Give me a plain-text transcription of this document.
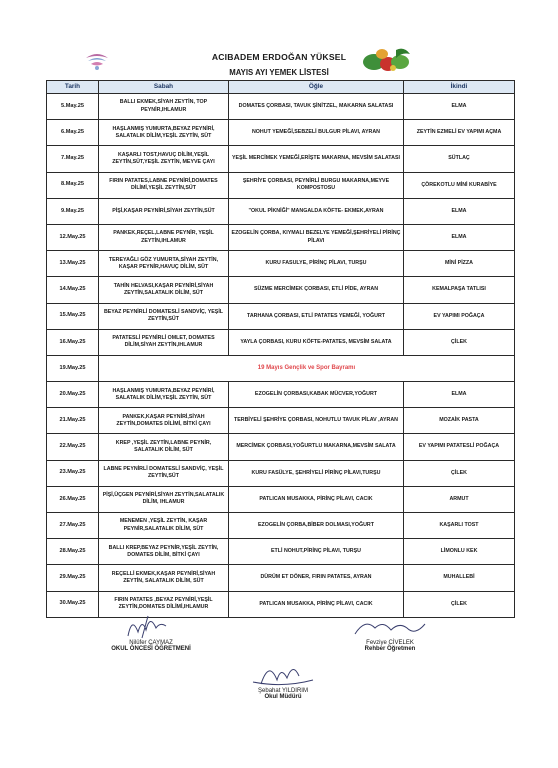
ACIBADEM ERDOĞAN YÜKSEL
MAYIS AYI YEMEK LİSTESİ
Tarih	Sabah	Öğle	İkindi
5.May.25	BALLI EKMEK,SİYAH ZEYTİN, TOP PEYNİR,IHLAMUR	DOMATES ÇORBASI, TAVUK ŞİNİTZEL, MAKARNA SALATASI	ELMA
6.May.25	HAŞLANMIŞ YUMURTA,BEYAZ PEYNİRİ, SALATALIK DİLİM,YEŞİL ZEYTİN, SÜT	NOHUT YEMEĞİ,SEBZELİ BULGUR PİLAVI, AYRAN	ZEYTİN EZMELİ EV YAPIMI AÇMA
7.May.25	KAŞARLI TOST,HAVUÇ DİLİM,YEŞİL ZEYTİN,SÜT,YEŞİL ZEYTİN, MEYVE ÇAYI	YEŞİL MERCİMEK YEMEĞİ,ERİŞTE MAKARNA, MEVSİM SALATASI	SÜTLAÇ
8.May.25	FIRIN PATATES,LABNE PEYNİRİ,DOMATES DİLİMİ,YEŞİL ZEYTİN,SÜT	ŞEHRİYE ÇORBASI, PEYNİRLİ BURGU MAKARNA,MEYVE KOMPOSTOSU	ÇÖREKOTLU MİNİ KURABİYE
9.May.25	PİŞİ,KAŞAR PEYNİRİ,SİYAH ZEYTİN,SÜT	"OKUL PİKNİĞİ" MANGALDA KÖFTE- EKMEK,AYRAN	ELMA
12.May.25	PANKEK,REÇEL,LABNE PEYNİR, YEŞİL ZEYTİN,IHLAMUR	EZOGELİN ÇORBA, KIYMALI BEZELYE YEMEĞİ,ŞEHRİYELİ PİRİNÇ PİLAVI	ELMA
13.May.25	TEREYAĞLI GÖZ YUMURTA,SİYAH ZEYTİN, KAŞAR PEYNİR,HAVUÇ DİLİM, SÜT	KURU FASULYE, PİRİNÇ PİLAVI, TURŞU	MİNİ PİZZA
14.May.25	TAHİN HELVASI,KAŞAR PEYNİRİ,SİYAH ZEYTİN,SALATALIK DİLİM, SÜT	SÜZME MERCİMEK ÇORBASI, ETLİ PİDE, AYRAN	KEMALPAŞA TATLISI
15.May.25	BEYAZ PEYNİRLİ DOMATESLİ SANDVİÇ, YEŞİL ZEYTİN,SÜT	TARHANA ÇORBASI, ETLİ PATATES YEMEĞİ, YOĞURT	EV YAPIMI POĞAÇA
16.May.25	PATATESLİ PEYNİRLİ OMLET, DOMATES DİLİM,SİYAH ZEYTİN,IHLAMUR	YAYLA ÇORBASI, KURU KÖFTE-PATATES, MEVSİM SALATA	ÇİLEK
19.May.25	19 Mayıs Gençlik ve Spor Bayramı		
20.May.25	HAŞLANMIŞ YUMURTA,BEYAZ PEYNİRİ, SALATALIK DİLİM,YEŞİL ZEYTİN, SÜT	EZOGELİN ÇORBASI,KABAK MÜCVER,YOĞURT	ELMA
21.May.25	PANKEK,KAŞAR PEYNİRİ,SİYAH ZEYTİN,DOMATES DİLİMİ, BİTKİ ÇAYI	TERBİYELİ ŞEHRİYE ÇORBASI, NOHUTLU TAVUK PİLAV ,AYRAN	MOZAİK PASTA
22.May.25	KREP ,YEŞİL ZEYTİN,LABNE PEYNİR, SALATALIK DİLİM, SÜT	MERCİMEK ÇORBASI,YOĞURTLU MAKARNA,MEVSİM SALATA	EV YAPIMI PATATESLİ POĞAÇA
23.May.25	LABNE PEYNİRLİ DOMATESLİ SANDVİÇ, YEŞİL ZEYTİN,SÜT	KURU FASÜLYE, ŞEHRİYELİ PİRİNÇ PİLAVI,TURŞU	ÇİLEK
26.May.25	PİŞİ,ÜÇGEN PEYNİRİ,SİYAH ZEYTİN,SALATALIK DİLİM, IHLAMUR	PATLICAN MUSAKKA, PİRİNÇ PİLAVI, CACIK	ARMUT
27.May.25	MENEMEN ,YEŞİL ZEYTİN, KAŞAR PEYNİR,SALATALIK DİLİM, SÜT	EZOGELİN ÇORBA,BİBER DOLMASI,YOĞURT	KAŞARLI TOST
28.May.25	BALLI KREP,BEYAZ PEYNİR,YEŞİL ZEYTİN, DOMATES DİLİM, BİTKİ ÇAYI	ETLİ NOHUT,PİRİNÇ PİLAVI, TURŞU	LİMONLU KEK
29.May.25	REÇELLİ EKMEK,KAŞAR PEYNİRİ,SİYAH ZEYTİN, SALATALIK DİLİM, SÜT	DÜRÜM ET DÖNER, FIRIN PATATES, AYRAN	MUHALLEBİ
30.May.25	FIRIN PATATES ,BEYAZ PEYNİRİ,YEŞİL ZEYTİN,DOMATES DİLİMİ,IHLAMUR	PATLICAN MUSAKKA, PİRİNÇ PİLAVI, CACIK	ÇİLEK
Nilüfer ÇAYMAZ
OKUL ÖNCESİ ÖĞRETMENİ
Fevziye CİVELEK
Rehber Öğretmen
Şebahat YILDIRIM
Okul Müdürü
